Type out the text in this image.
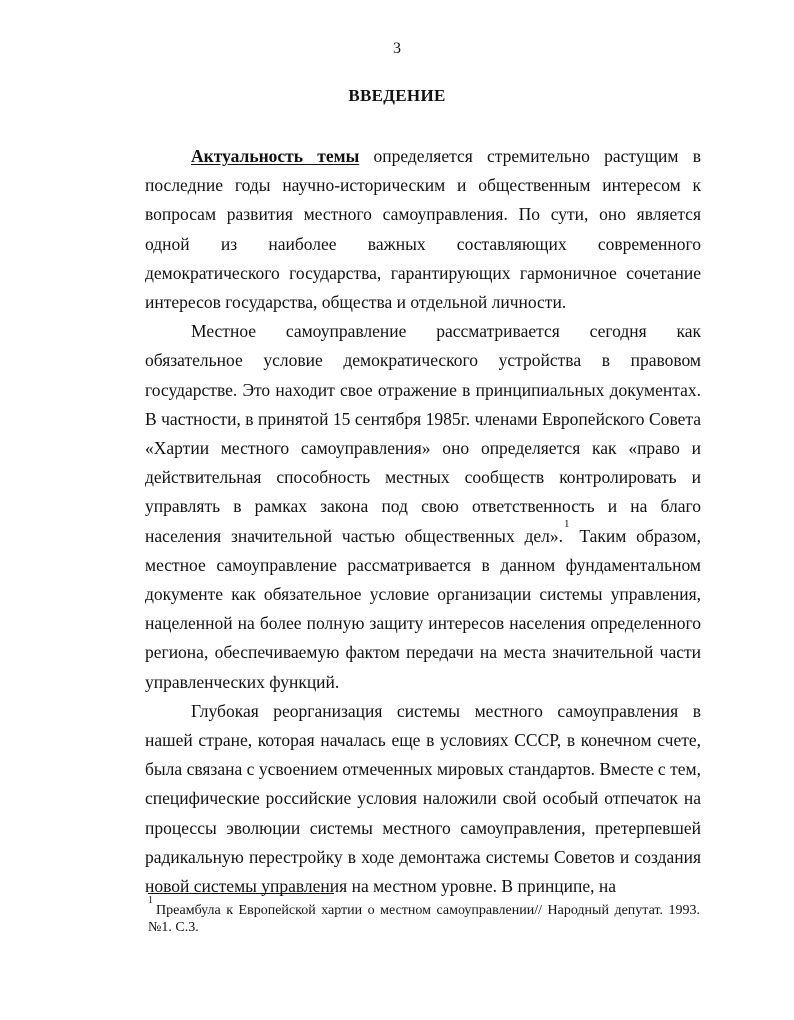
3

ВВЕДЕНИЕ

Актуальность темы определяется стремительно растущим в последние годы научно-историческим и общественным интересом к вопросам развития местного самоуправления. По сути, оно является одной из наиболее важных составляющих современного демократического государства, гарантирующих гармоничное сочетание интересов государства, общества и отдельной личности.

Местное самоуправление рассматривается сегодня как обязательное условие демократического устройства в правовом государстве. Это находит свое отражение в принципиальных документах. В частности, в принятой 15 сентября 1985г. членами Европейского Совета «Хартии местного самоуправления» оно определяется как «право и действительная способность местных сообществ контролировать и управлять в рамках закона под свою ответственность и на благо населения значительной частью общественных дел».$^1$ Таким образом, местное самоуправление рассматривается в данном фундаментальном документе как обязательное условие организации системы управления, нацеленной на более полную защиту интересов населения определенного региона, обеспечиваемую фактом передачи на места значительной части управленческих функций.

Глубокая реорганизация системы местного самоуправления в нашей стране, которая началась еще в условиях СССР, в конечном счете, была связана с усвоением отмеченных мировых стандартов. Вместе с тем, специфические российские условия наложили свой особый отпечаток на процессы эволюции системы местного самоуправления, претерпевшей радикальную перестройку в ходе демонтажа системы Советов и создания новой системы управления на местном уровне. В принципе, на

$^1$Преамбула к Европейской хартии о местном самоуправлении// Народный депутат. 1993. №1. С.3.
